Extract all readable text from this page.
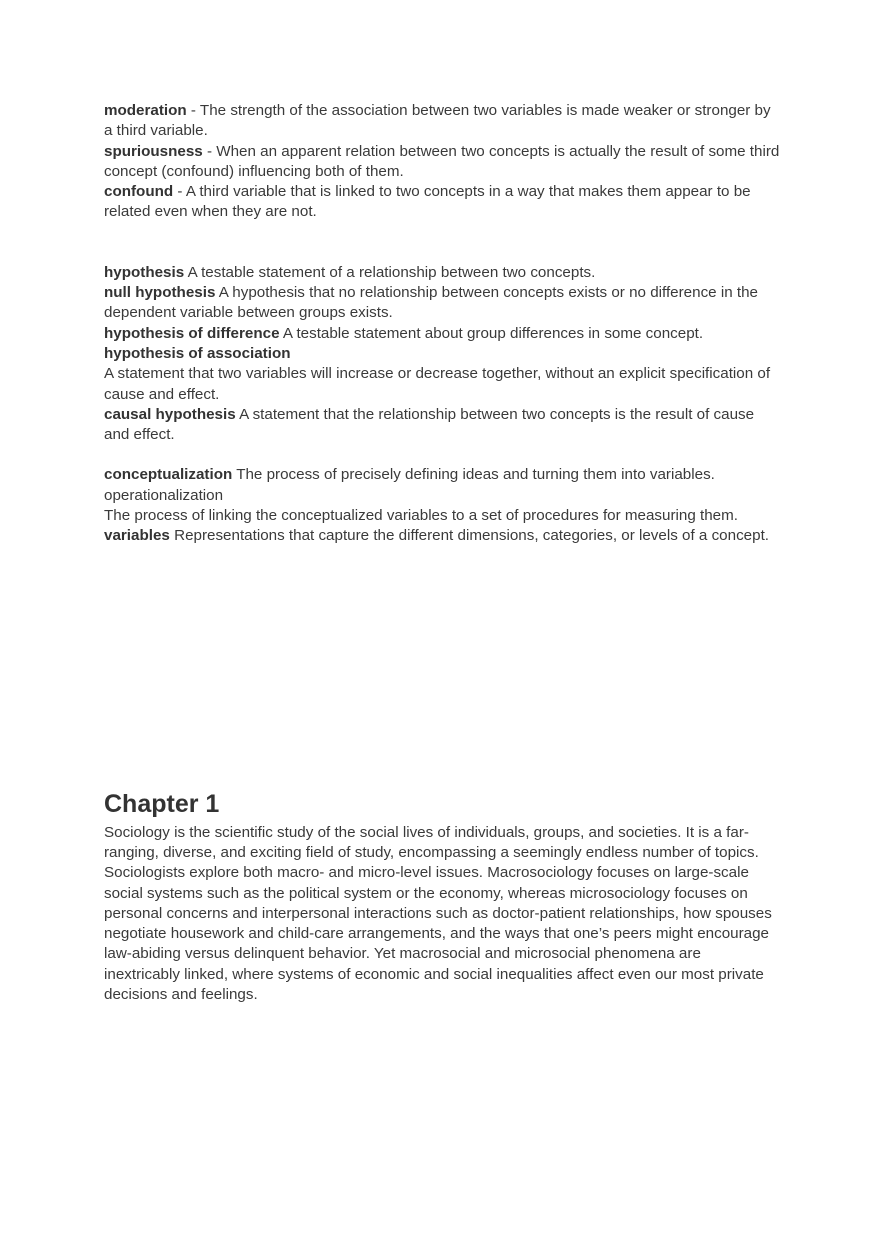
moderation - The strength of the association between two variables is made weaker or stronger by a third variable.

spuriousness - When an apparent relation between two concepts is actually the result of some third concept (confound) influencing both of them.

confound - A third variable that is linked to two concepts in a way that makes them appear to be related even when they are not.

hypothesis A testable statement of a relationship between two concepts.

null hypothesis A hypothesis that no relationship between concepts exists or no difference in the dependent variable between groups exists.

hypothesis of difference A testable statement about group differences in some concept.

hypothesis of association

A statement that two variables will increase or decrease together, without an explicit specification of cause and effect.

causal hypothesis A statement that the relationship between two concepts is the result of cause and effect.

conceptualization The process of precisely defining ideas and turning them into variables.

operationalization

The process of linking the conceptualized variables to a set of procedures for measuring them.

variables Representations that capture the different dimensions, categories, or levels of a concept.

Chapter 1

Sociology is the scientific study of the social lives of individuals, groups, and societies. It is a far-ranging, diverse, and exciting field of study, encompassing a seemingly endless number of topics. Sociologists explore both macro- and micro-level issues. Macrosociology focuses on large-scale social systems such as the political system or the economy, whereas microsociology focuses on personal concerns and interpersonal interactions such as doctor-patient relationships, how spouses negotiate housework and child-care arrangements, and the ways that one’s peers might encourage law-abiding versus delinquent behavior. Yet macrosocial and microsocial phenomena are inextricably linked, where systems of economic and social inequalities affect even our most private decisions and feelings.
